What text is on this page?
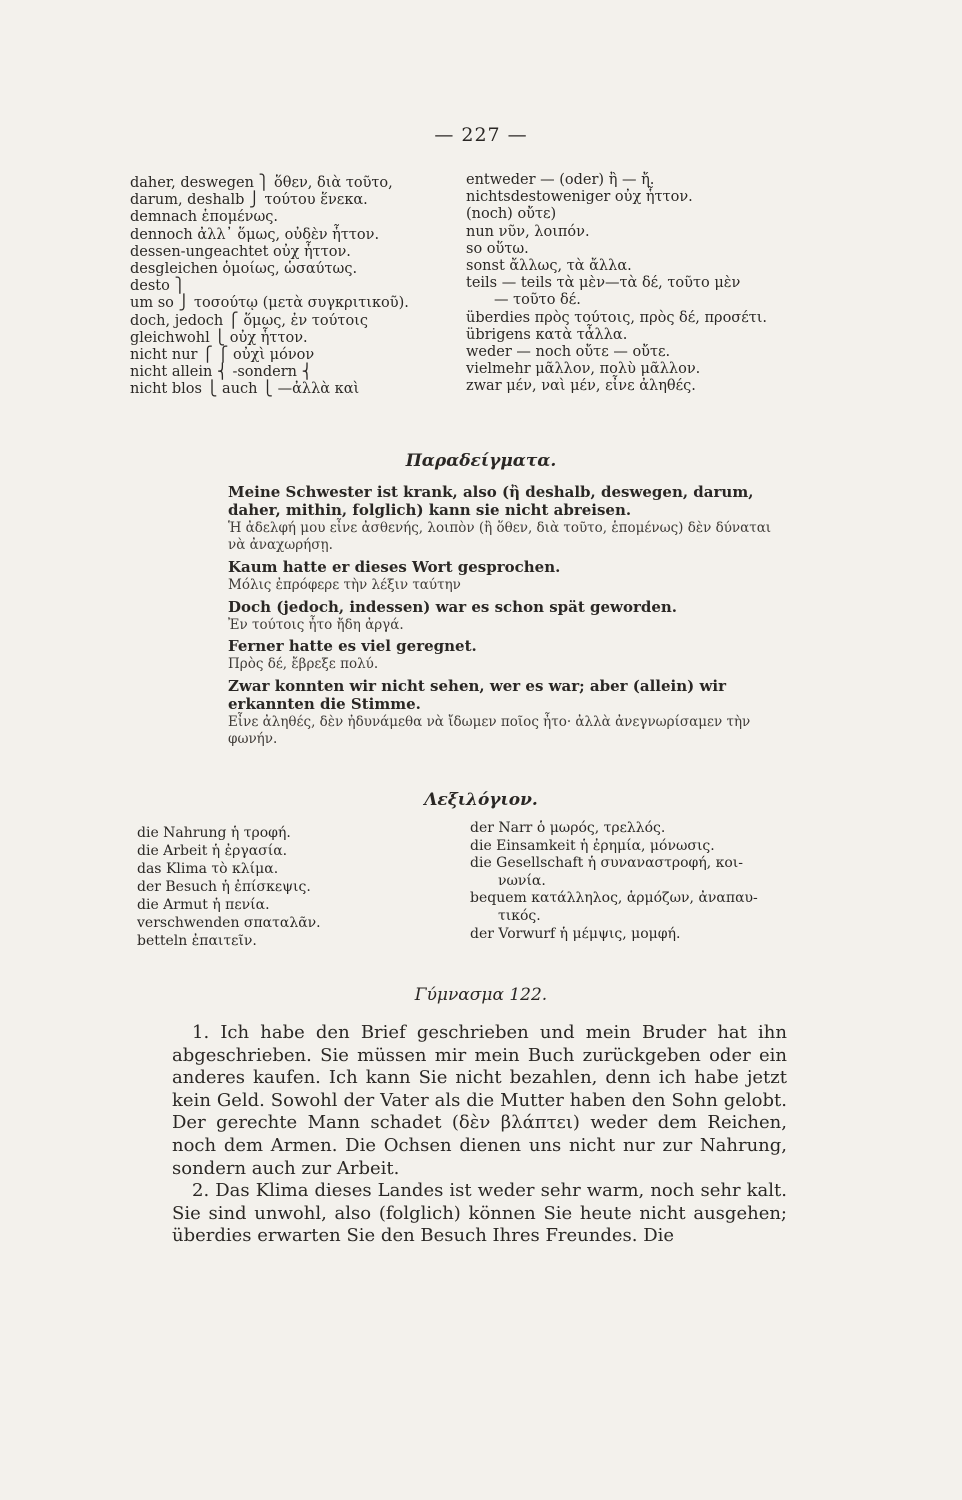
— 227 —
daher, deswegen ⎫ ὅθεν, διὰ τοῦτο,
darum, deshalb ⎭ τούτου ἕνεκα.
demnach ἑπομένως.
dennoch ἀλλ᾽ ὅμως, οὐδὲν ἧττον.
dessen-ungeachtet οὐχ ἧττον.
desgleichen ὁμοίως, ὡσαύτως.
desto ⎫
um so ⎭ τοσούτῳ (μετὰ συγκριτικοῦ).
doch, jedoch ⎧ ὅμως, ἐν τούτοις
gleichwohl ⎩ οὐχ ἧττον.
nicht nur ⎧ ⎧ οὐχὶ μόνον
nicht allein ⎨ -sondern ⎨
nicht blos ⎩ auch ⎩ —ἀλλὰ καὶ
entweder — (oder) ἢ — ἤ.
nichtsdestoweniger οὐχ ἧττον.
(noch) οὔτε)
nun νῦν, λοιπόν.
so οὕτω.
sonst ἄλλως, τὰ ἄλλα.
teils — teils τὰ μὲν—τὰ δέ, τοῦτο μὲν
— τοῦτο δέ.
überdies πρὸς τούτοις, πρὸς δέ, προσέτι.
übrigens κατὰ τἆλλα.
weder — noch οὔτε — οὔτε.
vielmehr μᾶλλον, πολὺ μᾶλλον.
zwar μέν, ναὶ μέν, εἶνε ἀληθές.
Παραδείγματα.
Meine Schwester ist krank, also (ἢ deshalb, deswegen, darum, daher, mithin, folglich) kann sie nicht abreisen.
Ἡ ἀδελφή μου εἶνε ἀσθενής, λοιπὸν (ἢ ὅθεν, διὰ τοῦτο, ἑπομένως) δὲν δύναται νὰ ἀναχωρήσῃ.
Kaum hatte er dieses Wort gesprochen.
Μόλις ἐπρόφερε τὴν λέξιν ταύτην
Doch (jedoch, indessen) war es schon spät geworden.
Ἐν τούτοις ἦτο ἤδη ἀργά.
Ferner hatte es viel geregnet.
Πρὸς δέ, ἔβρεξε πολύ.
Zwar konnten wir nicht sehen, wer es war; aber (allein) wir erkannten die Stimme.
Εἶνε ἀληθές, δὲν ἠδυνάμεθα νὰ ἴδωμεν ποῖος ἦτο· ἀλλὰ ἀνεγνωρίσαμεν τὴν φωνήν.
Λεξιλόγιον.
die Nahrung ἡ τροφή.
die Arbeit ἡ ἐργασία.
das Klima τὸ κλίμα.
der Besuch ἡ ἐπίσκεψις.
die Armut ἡ πενία.
verschwenden σπαταλᾶν.
betteln ἐπαιτεῖν.
der Narr ὁ μωρός, τρελλός.
die Einsamkeit ἡ ἐρημία, μόνωσις.
die Gesellschaft ἡ συναναστροφή, κοι-
νωνία.
bequem κατάλληλος, ἁρμόζων, ἀναπαυ-
τικός.
der Vorwurf ἡ μέμψις, μομφή.
Γύμνασμα 122.

1. Ich habe den Brief geschrieben und mein Bruder hat ihn abgeschrieben. Sie müssen mir mein Buch zurückgeben oder ein anderes kaufen. Ich kann Sie nicht bezahlen, denn ich habe jetzt kein Geld. Sowohl der Vater als die Mutter haben den Sohn gelobt. Der gerechte Mann schadet (δὲν βλάπτει) weder dem Reichen, noch dem Armen. Die Ochsen dienen uns nicht nur zur Nahrung, sondern auch zur Arbeit.

2. Das Klima dieses Landes ist weder sehr warm, noch sehr kalt. Sie sind unwohl, also (folglich) können Sie heute nicht ausgehen; überdies erwarten Sie den Besuch Ihres Freundes. Die
